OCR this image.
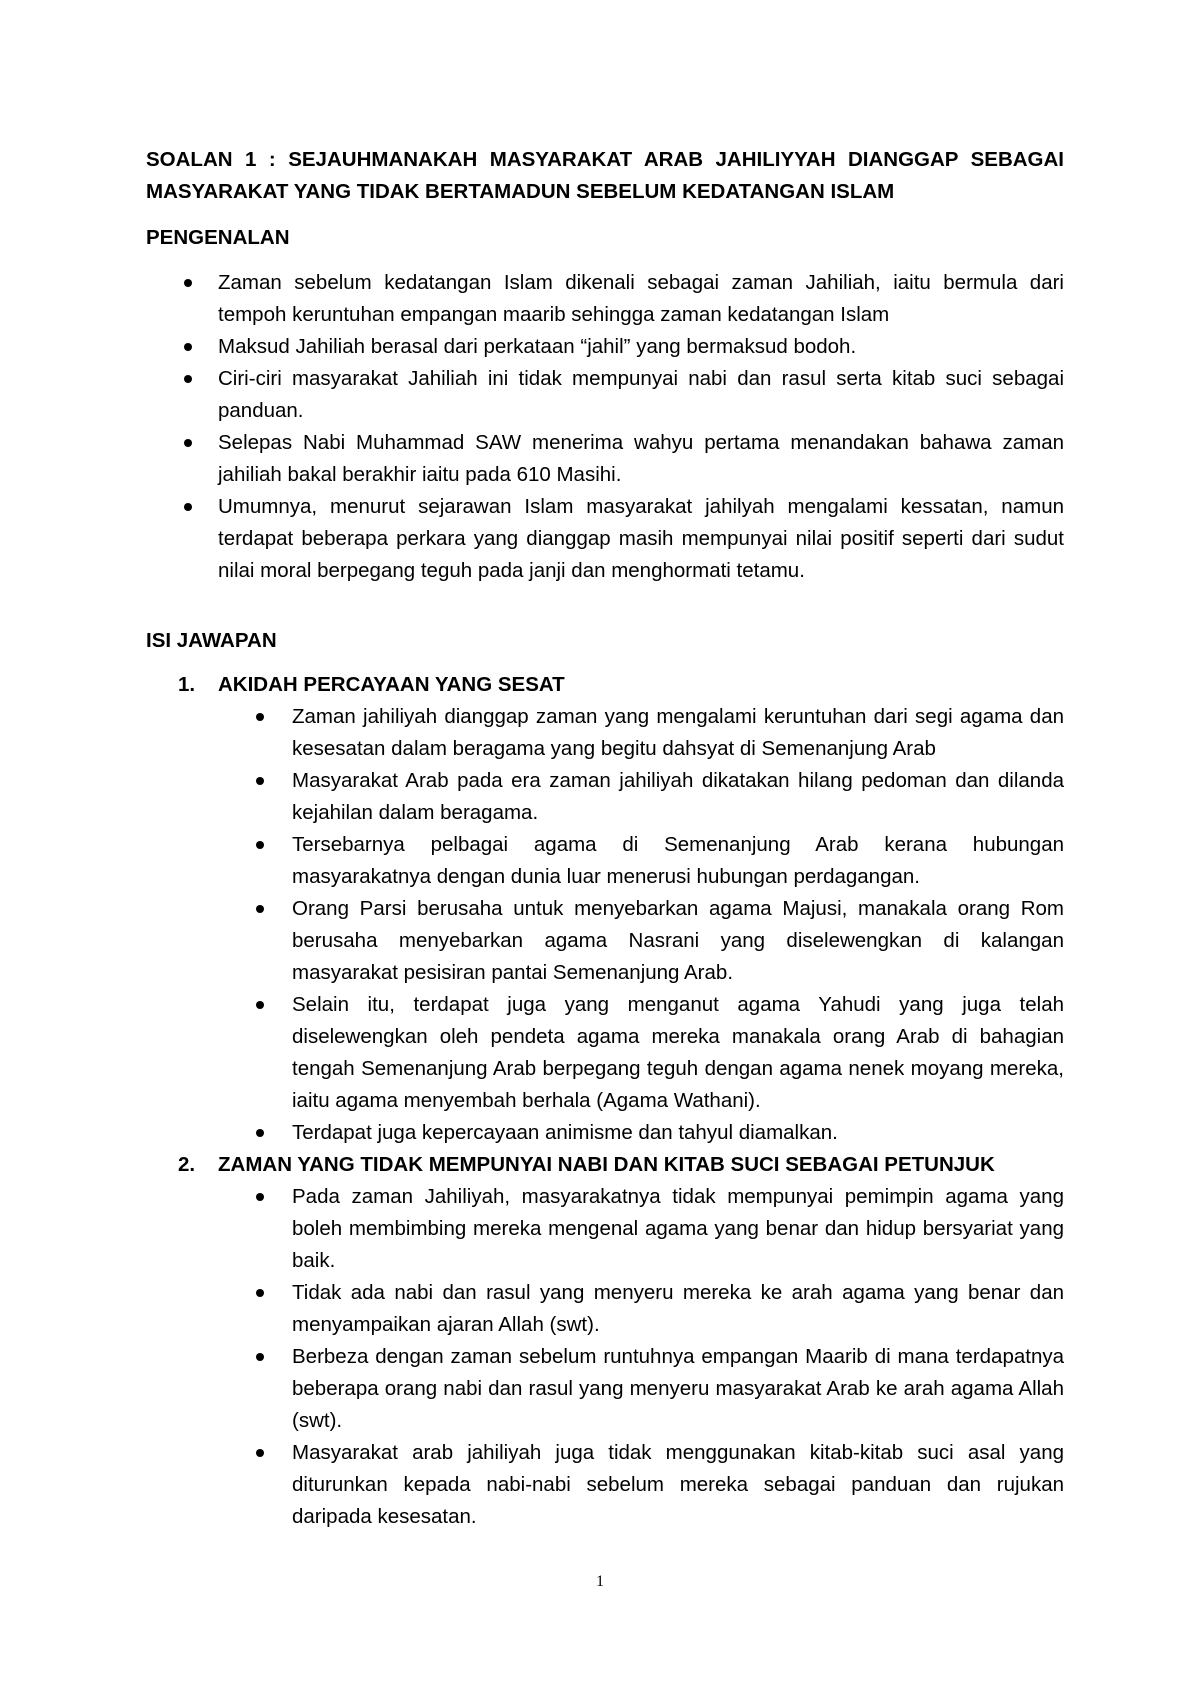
SOALAN 1 : SEJAUHMANAKAH MASYARAKAT ARAB JAHILIYYAH DIANGGAP SEBAGAI MASYARAKAT YANG TIDAK BERTAMADUN SEBELUM KEDATANGAN ISLAM

PENGENALAN

Zaman sebelum kedatangan Islam dikenali sebagai zaman Jahiliah, iaitu bermula dari tempoh keruntuhan empangan maarib sehingga zaman kedatangan Islam
Maksud Jahiliah berasal dari perkataan “jahil” yang bermaksud bodoh.
Ciri-ciri masyarakat Jahiliah ini tidak mempunyai nabi dan rasul serta kitab suci sebagai panduan.
Selepas Nabi Muhammad SAW menerima wahyu pertama menandakan bahawa zaman jahiliah bakal berakhir iaitu pada 610 Masihi.
Umumnya, menurut sejarawan Islam masyarakat jahilyah mengalami kessatan, namun terdapat beberapa perkara yang dianggap masih mempunyai nilai positif seperti dari sudut nilai moral berpegang teguh pada janji dan menghormati tetamu.

ISI JAWAPAN

1. AKIDAH PERCAYAAN YANG SESAT
Zaman jahiliyah dianggap zaman yang mengalami keruntuhan dari segi agama dan kesesatan dalam beragama yang begitu dahsyat di Semenanjung Arab
Masyarakat Arab pada era zaman jahiliyah dikatakan hilang pedoman dan dilanda kejahilan dalam beragama.
Tersebarnya pelbagai agama di Semenanjung Arab kerana hubungan masyarakatnya dengan dunia luar menerusi hubungan perdagangan.
Orang Parsi berusaha untuk menyebarkan agama Majusi, manakala orang Rom berusaha menyebarkan agama Nasrani yang diselewengkan di kalangan masyarakat pesisiran pantai Semenanjung Arab.
Selain itu, terdapat juga yang menganut agama Yahudi yang juga telah diselewengkan oleh pendeta agama mereka manakala orang Arab di bahagian tengah Semenanjung Arab berpegang teguh dengan agama nenek moyang mereka, iaitu agama menyembah berhala (Agama Wathani).
Terdapat juga kepercayaan animisme dan tahyul diamalkan.
2. ZAMAN YANG TIDAK MEMPUNYAI NABI DAN KITAB SUCI SEBAGAI PETUNJUK
Pada zaman Jahiliyah, masyarakatnya tidak mempunyai pemimpin agama yang boleh membimbing mereka mengenal agama yang benar dan hidup bersyariat yang baik.
Tidak ada nabi dan rasul yang menyeru mereka ke arah agama yang benar dan menyampaikan ajaran Allah (swt).
Berbeza dengan zaman sebelum runtuhnya empangan Maarib di mana terdapatnya beberapa orang nabi dan rasul yang menyeru masyarakat Arab ke arah agama Allah (swt).
Masyarakat arab jahiliyah juga tidak menggunakan kitab-kitab suci asal yang diturunkan kepada nabi-nabi sebelum mereka sebagai panduan dan rujukan daripada kesesatan.
1
